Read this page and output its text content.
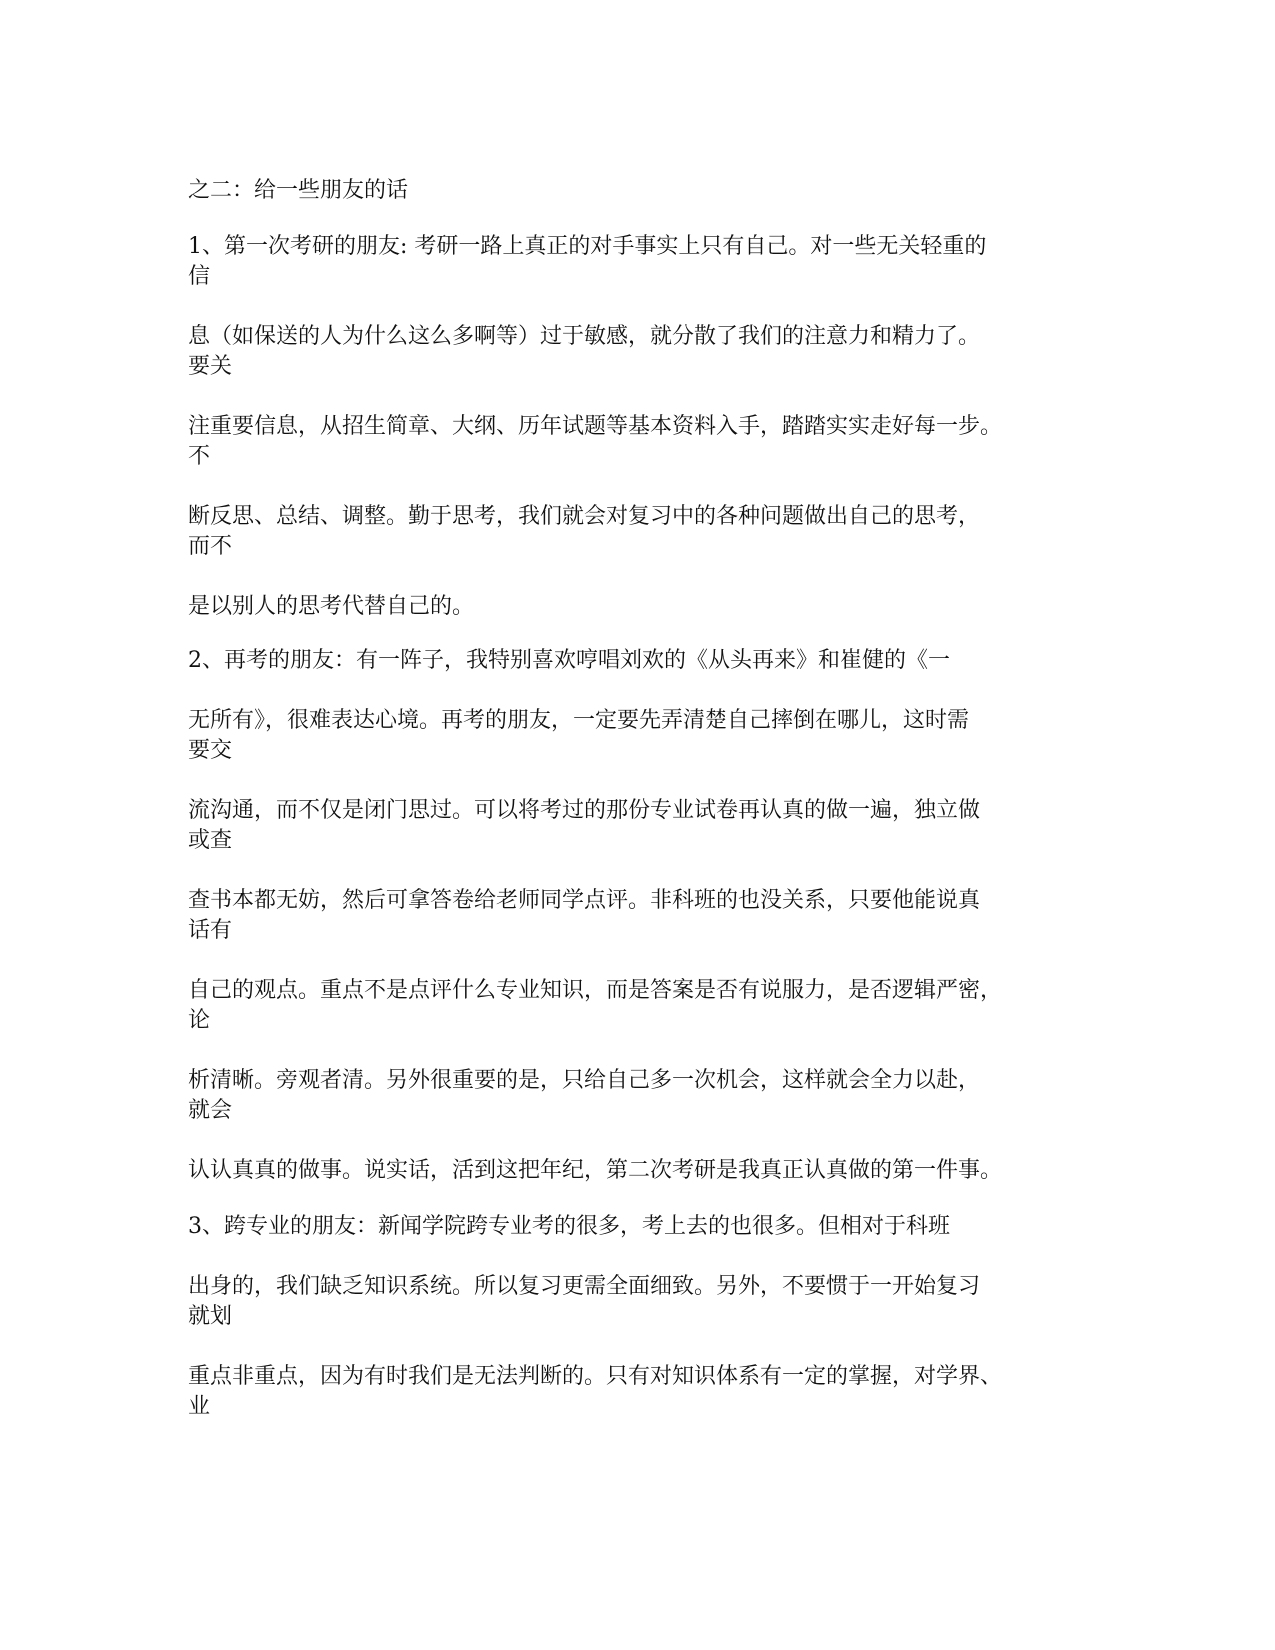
之二：给一些朋友的话
1、第一次考研的朋友: 考研一路上真正的对手事实上只有自己。对一些无关轻重的
信
息（如保送的人为什么这么多啊等）过于敏感，就分散了我们的注意力和精力了。
要关
注重要信息，从招生简章、大纲、历年试题等基本资料入手，踏踏实实走好每一步。
不
断反思、总结、调整。勤于思考，我们就会对复习中的各种问题做出自己的思考，
而不
是以别人的思考代替自己的。
2、再考的朋友：有一阵子，我特别喜欢哼唱刘欢的《从头再来》和崔健的《一
无所有》，很难表达心境。再考的朋友，一定要先弄清楚自己摔倒在哪儿，这时需
要交
流沟通，而不仅是闭门思过。可以将考过的那份专业试卷再认真的做一遍，独立做
或查
查书本都无妨，然后可拿答卷给老师同学点评。非科班的也没关系，只要他能说真
话有
自己的观点。重点不是点评什么专业知识，而是答案是否有说服力，是否逻辑严密，
论
析清晰。旁观者清。另外很重要的是，只给自己多一次机会，这样就会全力以赴，
就会
认认真真的做事。说实话，活到这把年纪，第二次考研是我真正认真做的第一件事。
3、跨专业的朋友：新闻学院跨专业考的很多，考上去的也很多。但相对于科班
出身的，我们缺乏知识系统。所以复习更需全面细致。另外，不要惯于一开始复习
就划
重点非重点，因为有时我们是无法判断的。只有对知识体系有一定的掌握，对学界、
业
